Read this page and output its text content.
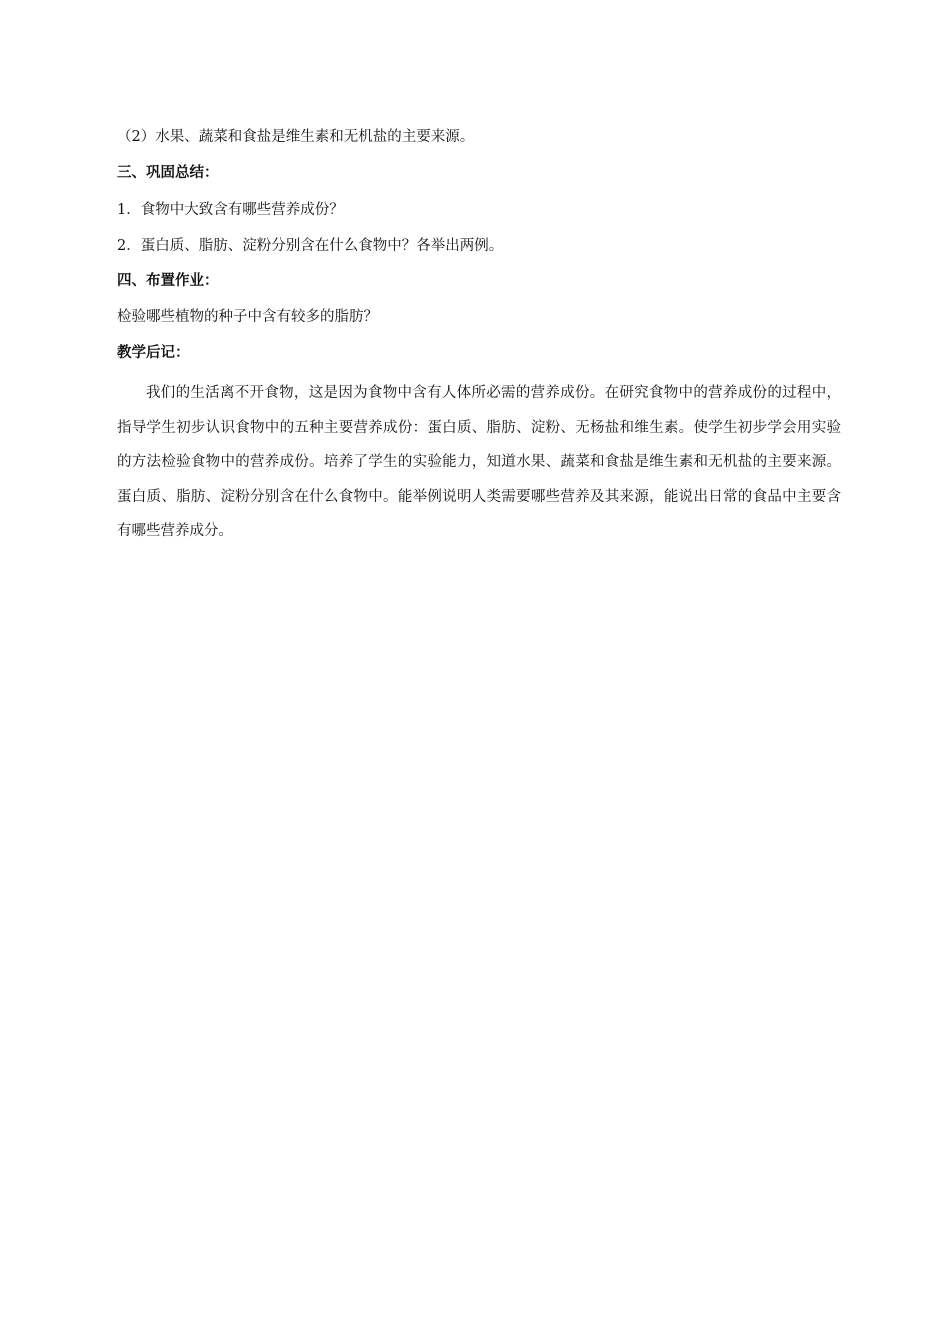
（2）水果、蔬菜和食盐是维生素和无机盐的主要来源。
三、巩固总结：
1．食物中大致含有哪些营养成份？
2．蛋白质、脂肪、淀粉分别含在什么食物中？各举出两例。
四、布置作业：
检验哪些植物的种子中含有较多的脂肪？
教学后记：
我们的生活离不开食物，这是因为食物中含有人体所必需的营养成份。在研究食物中的营养成份的过程中，指导学生初步认识食物中的五种主要营养成份：蛋白质、脂肪、淀粉、无杨盐和维生素。使学生初步学会用实验的方法检验食物中的营养成份。培养了学生的实验能力，知道水果、蔬菜和食盐是维生素和无机盐的主要来源。蛋白质、脂肪、淀粉分别含在什么食物中。能举例说明人类需要哪些营养及其来源，能说出日常的食品中主要含有哪些营养成分。
